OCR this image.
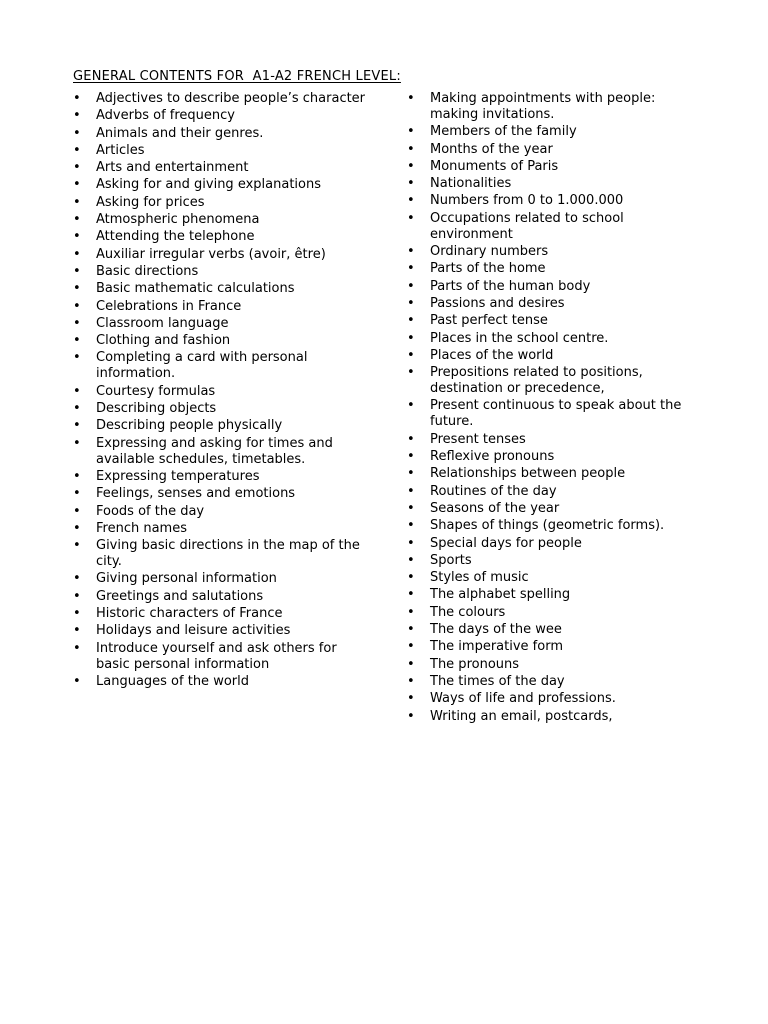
GENERAL CONTENTS FOR  A1-A2 FRENCH LEVEL:
• Adjectives to describe people’s character
• Adverbs of frequency
• Animals and their genres.
• Articles
• Arts and entertainment
• Asking for and giving explanations
• Asking for prices
• Atmospheric phenomena
• Attending the telephone
• Auxiliar irregular verbs (avoir, être)
• Basic directions
• Basic mathematic calculations
• Celebrations in France
• Classroom language
• Clothing and fashion
• Completing a card with personal information.
• Courtesy formulas
• Describing objects
• Describing people physically
• Expressing and asking for times and available schedules, timetables.
• Expressing temperatures
• Feelings, senses and emotions
• Foods of the day
• French names
• Giving basic directions in the map of the city.
• Giving personal information
• Greetings and salutations
• Historic characters of France
• Holidays and leisure activities
• Introduce yourself and ask others for basic personal information
• Languages of the world
• Making appointments with people: making invitations.
• Members of the family
• Months of the year
• Monuments of Paris
• Nationalities
• Numbers from 0 to 1.000.000
• Occupations related to school environment
• Ordinary numbers
• Parts of the home
• Parts of the human body
• Passions and desires
• Past perfect tense
• Places in the school centre.
• Places of the world
• Prepositions related to positions, destination or precedence,
• Present continuous to speak about the future.
• Present tenses
• Reflexive pronouns
• Relationships between people
• Routines of the day
• Seasons of the year
• Shapes of things (geometric forms).
• Special days for people
• Sports
• Styles of music
• The alphabet spelling
• The colours
• The days of the wee
• The imperative form
• The pronouns
• The times of the day
• Ways of life and professions.
• Writing an email, postcards,
